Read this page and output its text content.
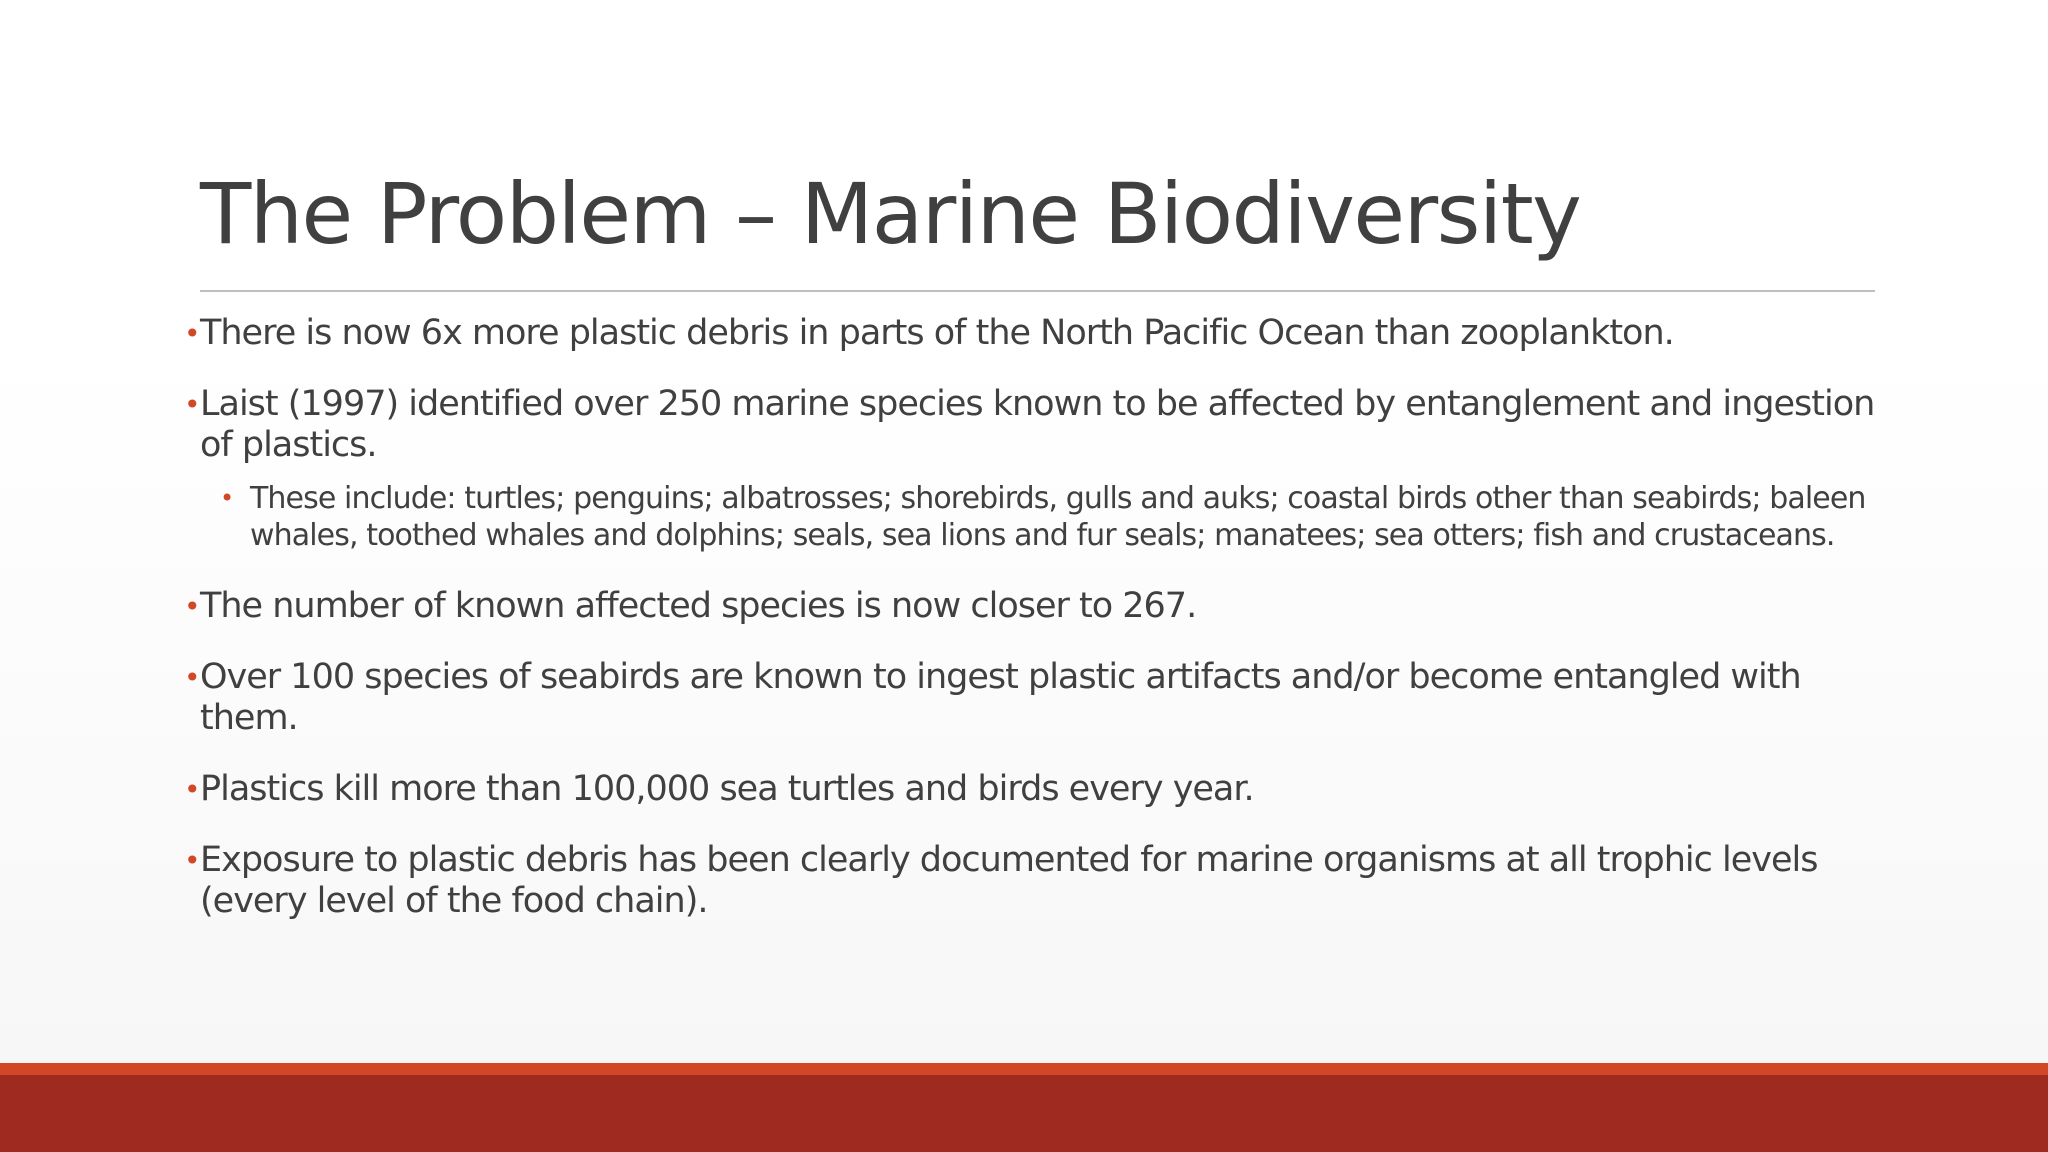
The Problem – Marine Biodiversity

• There is now 6x more plastic debris in parts of the North Pacific Ocean than zooplankton.

• Laist (1997) identified over 250 marine species known to be affected by entanglement and ingestion of plastics.

• These include: turtles; penguins; albatrosses; shorebirds, gulls and auks; coastal birds other than seabirds; baleen whales, toothed whales and dolphins; seals, sea lions and fur seals; manatees; sea otters; fish and crustaceans.

• The number of known affected species is now closer to 267.

• Over 100 species of seabirds are known to ingest plastic artifacts and/or become entangled with them.

• Plastics kill more than 100,000 sea turtles and birds every year.

• Exposure to plastic debris has been clearly documented for marine organisms at all trophic levels (every level of the food chain).
